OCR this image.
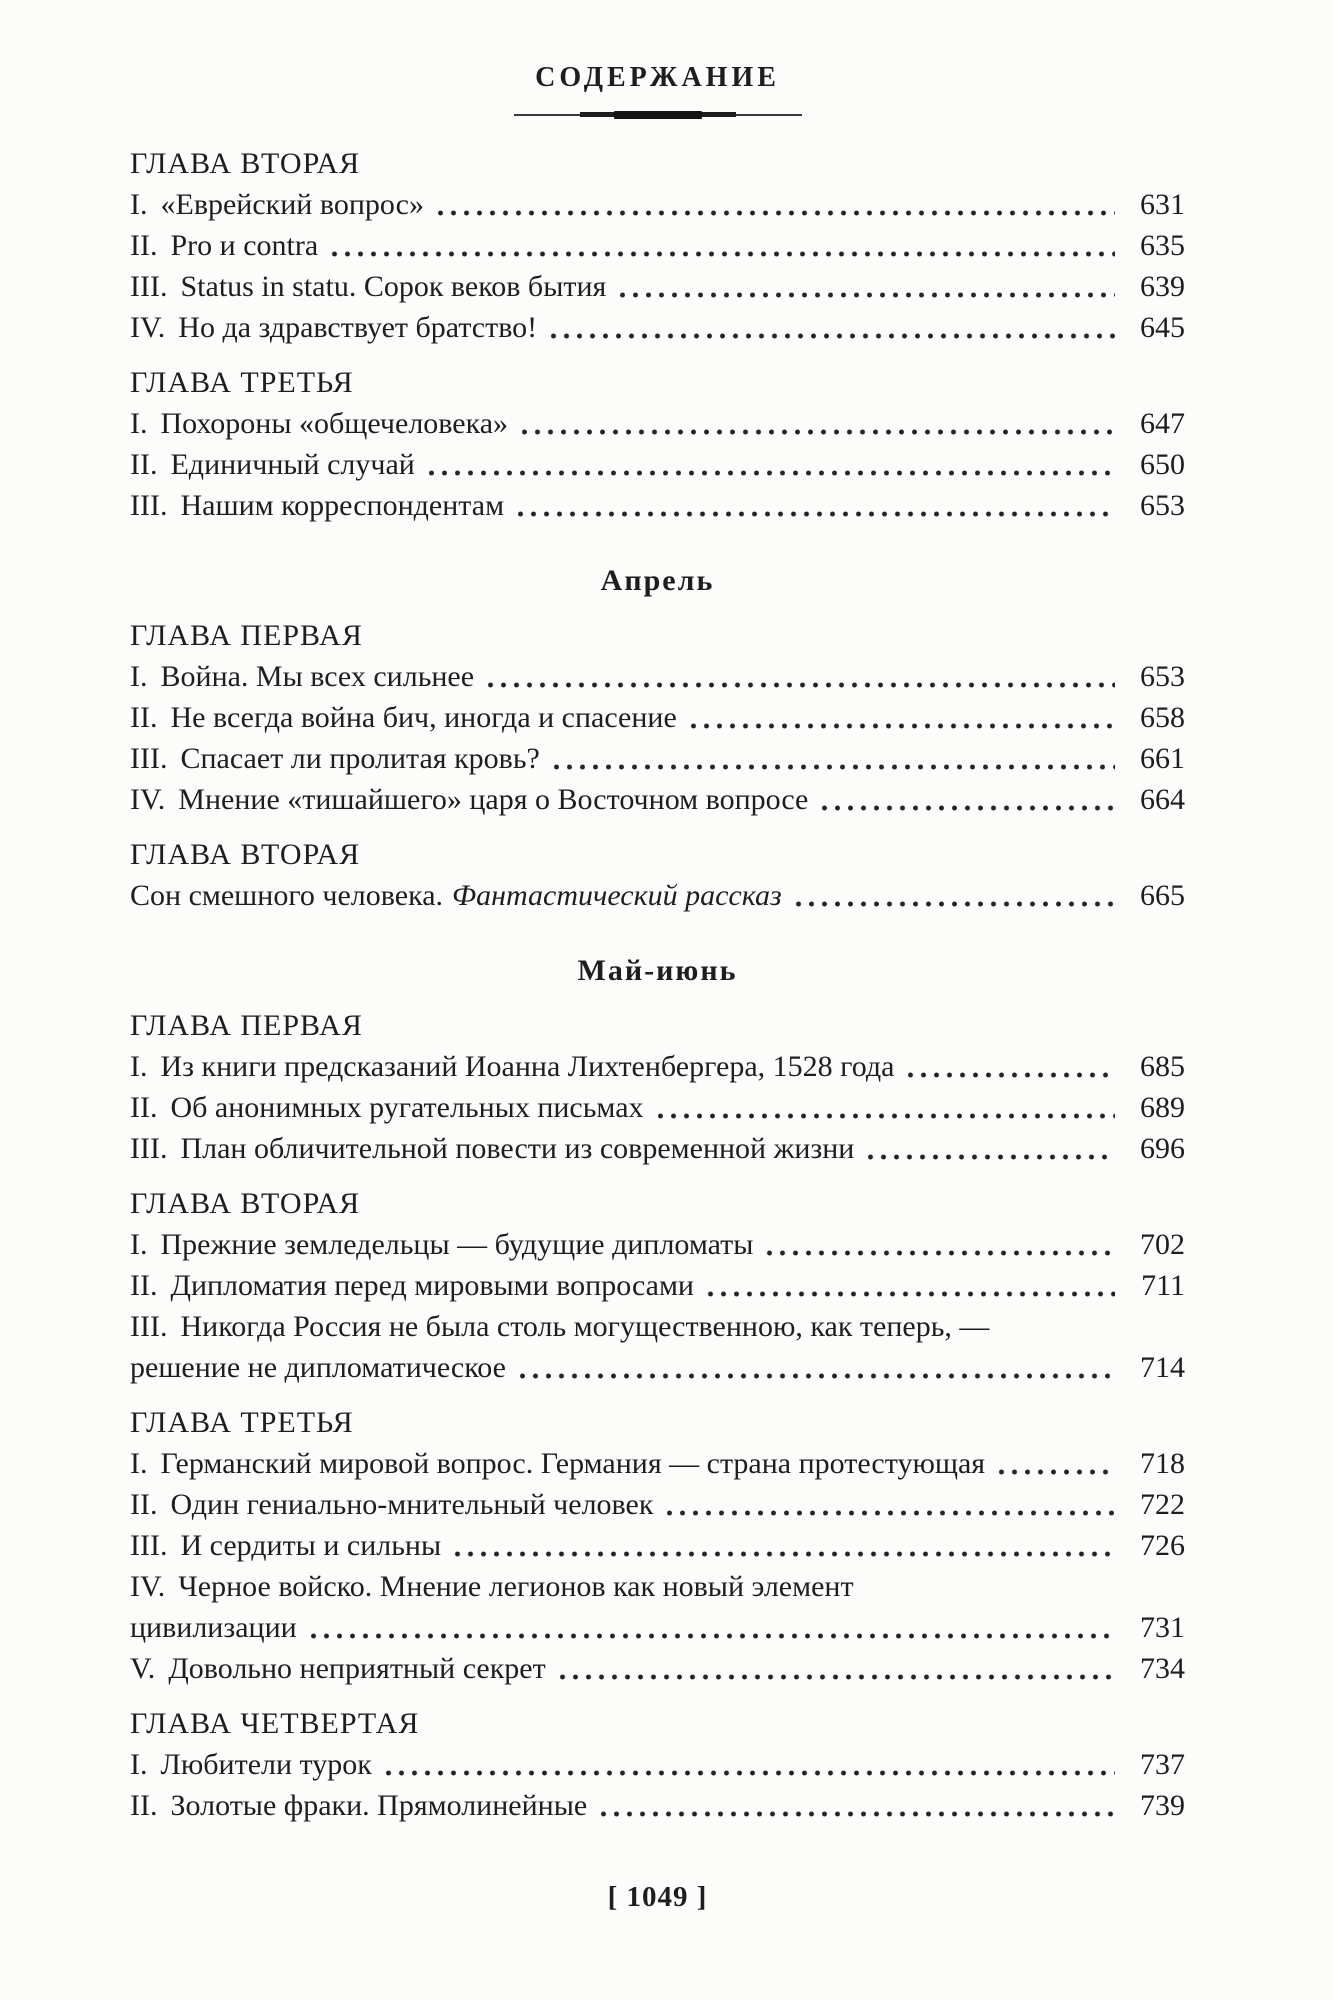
СОДЕРЖАНИЕ
ГЛАВА ВТОРАЯ
I. «Еврейский вопрос»	631
II. Pro и contra	635
III. Status in statu. Сорок веков бытия	639
IV. Но да здравствует братство!	645
ГЛАВА ТРЕТЬЯ
I. Похороны «общечеловека»	647
II. Единичный случай	650
III. Нашим корреспондентам	653
Апрель
ГЛАВА ПЕРВАЯ
I. Война. Мы всех сильнее	653
II. Не всегда война бич, иногда и спасение	658
III. Спасает ли пролитая кровь?	661
IV. Мнение «тишайшего» царя о Восточном вопросе	664
ГЛАВА ВТОРАЯ
Сон смешного человека. Фантастический рассказ	665
Май-июнь
ГЛАВА ПЕРВАЯ
I. Из книги предсказаний Иоанна Лихтенбергера, 1528 года	685
II. Об анонимных ругательных письмах	689
III. План обличительной повести из современной жизни	696
ГЛАВА ВТОРАЯ
I. Прежние земледельцы — будущие дипломаты	702
II. Дипломатия перед мировыми вопросами	711
III. Никогда Россия не была столь могущественною, как теперь, —
решение не дипломатическое	714
ГЛАВА ТРЕТЬЯ
I. Германский мировой вопрос. Германия — страна протестующая	718
II. Один гениально-мнительный человек	722
III. И сердиты и сильны	726
IV. Черное войско. Мнение легионов как новый элемент
цивилизации	731
V. Довольно неприятный секрет	734
ГЛАВА ЧЕТВЕРТАЯ
I. Любители турок	737
II. Золотые фраки. Прямолинейные	739
[ 1049 ]
